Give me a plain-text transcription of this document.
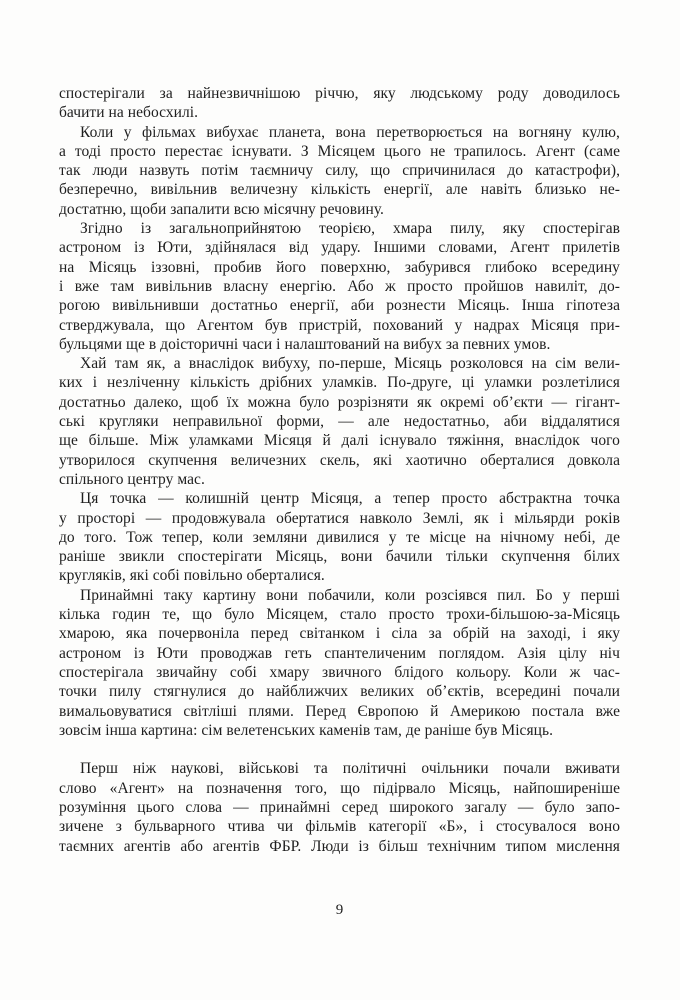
спостерігали за найнезвичнішою річчю, яку людському роду доводилось
бачити на небосхилі.
Коли у фільмах вибухає планета, вона перетворюється на вогняну кулю,
а тоді просто перестає існувати. З Місяцем цього не трапилось. Агент (саме
так люди назвуть потім таємничу силу, що спричинилася до катастрофи),
безперечно, вивільнив величезну кількість енергії, але навіть близько не-
достатню, щоби запалити всю місячну речовину.
Згідно із загальноприйнятою теорією, хмара пилу, яку спостерігав
астроном із Юти, здійнялася від удару. Іншими словами, Агент прилетів
на Місяць іззовні, пробив його поверхню, забурився глибоко всередину
і вже там вивільнив власну енергію. Або ж просто пройшов навиліт, до-
рогою вивільнивши достатньо енергії, аби рознести Місяць. Інша гіпотеза
стверджувала, що Агентом був пристрій, похований у надрах Місяця при-
бульцями ще в доісторичні часи і налаштований на вибух за певних умов.
Хай там як, а внаслідок вибуху, по-перше, Місяць розколовся на сім вели-
ких і незліченну кількість дрібних уламків. По-друге, ці уламки розлетілися
достатньо далеко, щоб їх можна було розрізняти як окремі об’єкти — гігант-
ські кругляки неправильної форми, — але недостатньо, аби віддалятися
ще більше. Між уламками Місяця й далі існувало тяжіння, внаслідок чого
утворилося скупчення величезних скель, які хаотично оберталися довкола
спільного центру мас.
Ця точка — колишній центр Місяця, а тепер просто абстрактна точка
у просторі — продовжувала обертатися навколо Землі, як і мільярди років
до того. Тож тепер, коли земляни дивилися у те місце на нічному небі, де
раніше звикли спостерігати Місяць, вони бачили тільки скупчення білих
кругляків, які собі повільно оберталися.
Принаймні таку картину вони побачили, коли розсіявся пил. Бо у перші
кілька годин те, що було Місяцем, стало просто трохи-більшою-за-Місяць
хмарою, яка почервоніла перед світанком і сіла за обрій на заході, і яку
астроном із Юти проводжав геть спантеличеним поглядом. Азія цілу ніч
спостерігала звичайну собі хмару звичного блідого кольору. Коли ж час-
точки пилу стягнулися до найближчих великих об’єктів, всередині почали
вимальовуватися світліші плями. Перед Європою й Америкою постала вже
зовсім інша картина: сім велетенських каменів там, де раніше був Місяць.
Перш ніж наукові, військові та політичні очільники почали вживати
слово «Агент» на позначення того, що підірвало Місяць, найпоширеніше
розуміння цього слова — принаймні серед широкого загалу — було запо-
зичене з бульварного чтива чи фільмів категорії «Б», і стосувалося воно
таємних агентів або агентів ФБР. Люди із більш технічним типом мислення
9
